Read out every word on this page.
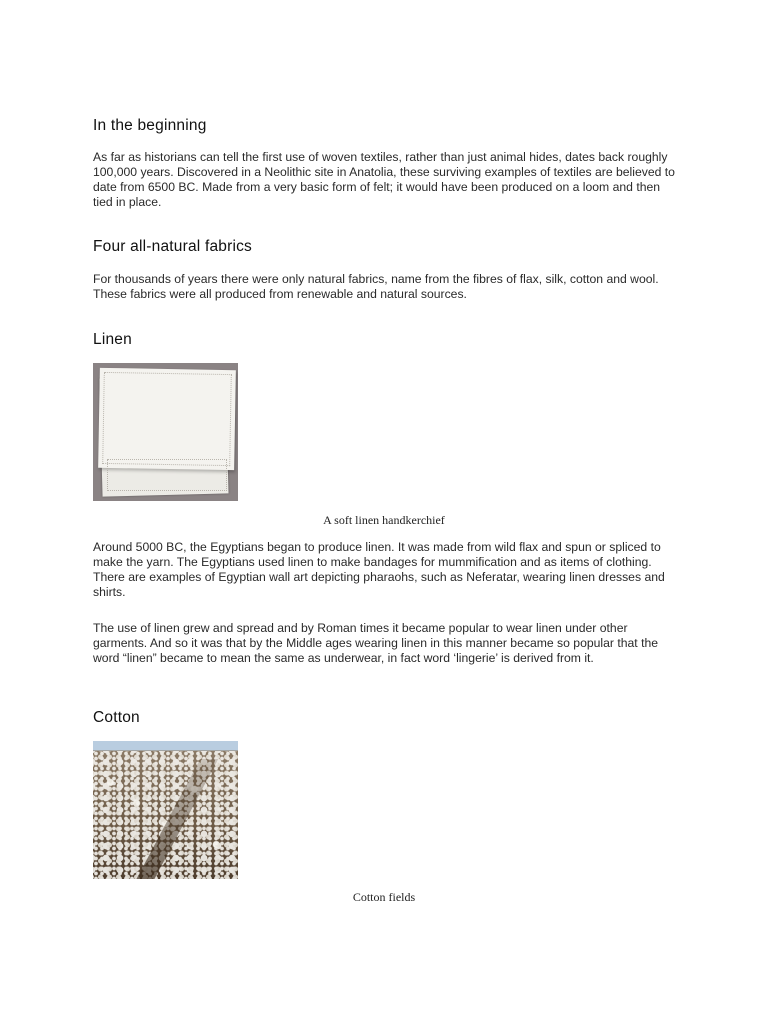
In the beginning

As far as historians can tell the first use of woven textiles, rather than just animal hides, dates back roughly 100,000 years. Discovered in a Neolithic site in Anatolia, these surviving examples of textiles are believed to date from 6500 BC. Made from a very basic form of felt; it would have been produced on a loom and then tied in place.

Four all-natural fabrics

For thousands of years there were only natural fabrics, name from the fibres of flax, silk, cotton and wool. These fabrics were all produced from renewable and natural sources.

Linen
A soft linen handkerchief

Around 5000 BC, the Egyptians began to produce linen. It was made from wild flax and spun or spliced to make the yarn. The Egyptians used linen to make bandages for mummification and as items of clothing. There are examples of Egyptian wall art depicting pharaohs, such as Neferatar, wearing linen dresses and shirts.

The use of linen grew and spread and by Roman times it became popular to wear linen under other garments. And so it was that by the Middle ages wearing linen in this manner became so popular that the word “linen” became to mean the same as underwear, in fact word ‘lingerie’ is derived from it.

Cotton
Cotton fields
